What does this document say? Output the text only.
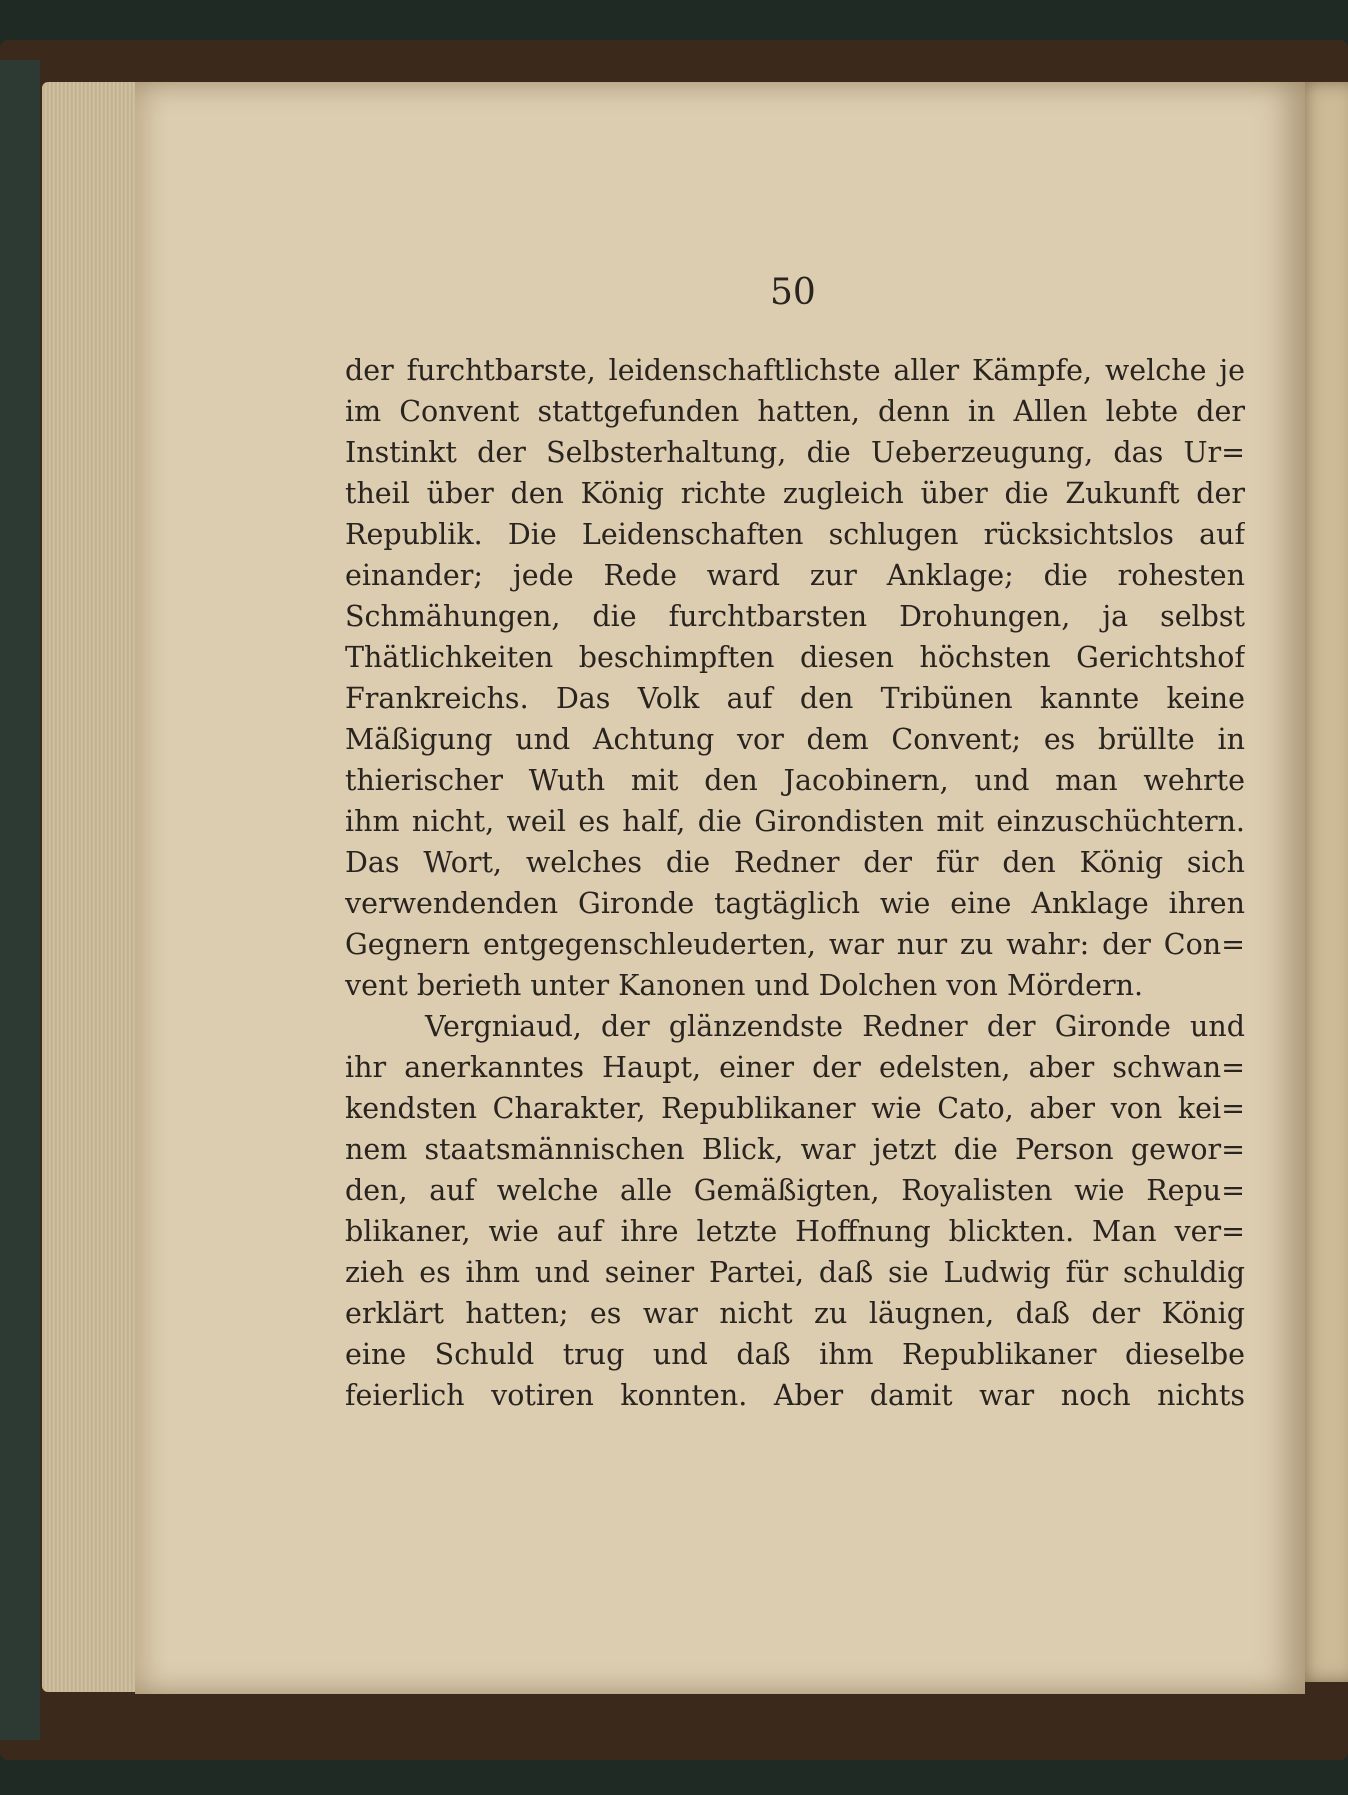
50
der furchtbarste, leidenschaftlichste aller Kämpfe, welche je
im Convent stattgefunden hatten, denn in Allen lebte der
Instinkt der Selbsterhaltung, die Ueberzeugung, das Ur=
theil über den König richte zugleich über die Zukunft der
Republik. Die Leidenschaften schlugen rücksichtslos auf
einander; jede Rede ward zur Anklage; die rohesten
Schmähungen, die furchtbarsten Drohungen, ja selbst
Thätlichkeiten beschimpften diesen höchsten Gerichtshof
Frankreichs. Das Volk auf den Tribünen kannte keine
Mäßigung und Achtung vor dem Convent; es brüllte in
thierischer Wuth mit den Jacobinern, und man wehrte
ihm nicht, weil es half, die Girondisten mit einzuschüchtern.
Das Wort, welches die Redner der für den König sich
verwendenden Gironde tagtäglich wie eine Anklage ihren
Gegnern entgegenschleuderten, war nur zu wahr: der Con=
vent berieth unter Kanonen und Dolchen von Mördern.
Vergniaud, der glänzendste Redner der Gironde und
ihr anerkanntes Haupt, einer der edelsten, aber schwan=
kendsten Charakter, Republikaner wie Cato, aber von kei=
nem staatsmännischen Blick, war jetzt die Person gewor=
den, auf welche alle Gemäßigten, Royalisten wie Repu=
blikaner, wie auf ihre letzte Hoffnung blickten. Man ver=
zieh es ihm und seiner Partei, daß sie Ludwig für schuldig
erklärt hatten; es war nicht zu läugnen, daß der König
eine Schuld trug und daß ihm Republikaner dieselbe
feierlich votiren konnten. Aber damit war noch nichts
